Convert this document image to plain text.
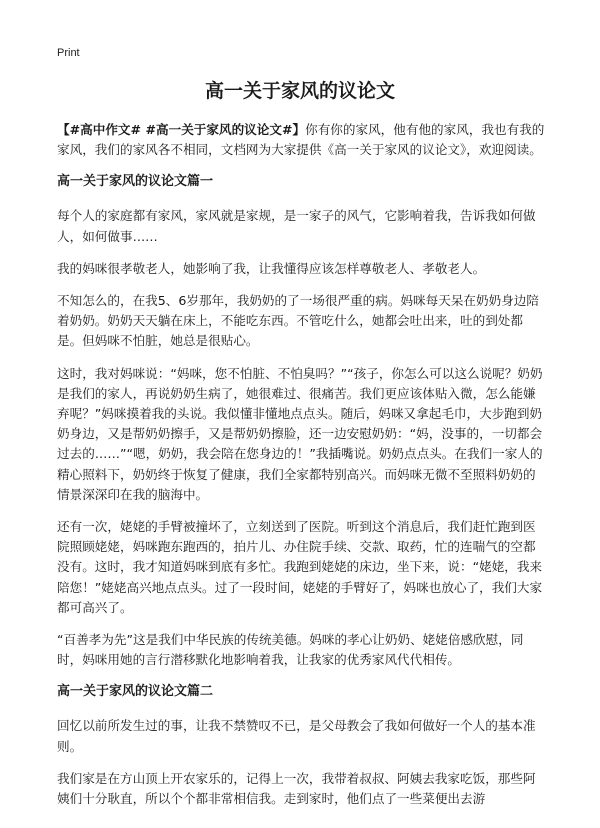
Print
高一关于家风的议论文

【#高中作文# #高一关于家风的议论文#】你有你的家风，他有他的家风，我也有我的家风，我们的家风各不相同，文档网为大家提供《高一关于家风的议论文》，欢迎阅读。

高一关于家风的议论文篇一

每个人的家庭都有家风，家风就是家规，是一家子的风气，它影响着我，告诉我如何做人，如何做事……

我的妈咪很孝敬老人，她影响了我，让我懂得应该怎样尊敬老人、孝敬老人。

不知怎么的，在我5、6岁那年，我奶奶的了一场很严重的病。妈咪每天呆在奶奶身边陪着奶奶。奶奶天天躺在床上，不能吃东西。不管吃什么，她都会吐出来，吐的到处都是。但妈咪不怕脏，她总是很贴心。

这时，我对妈咪说：“妈咪，您不怕脏、不怕臭吗？”“孩子，你怎么可以这么说呢？奶奶是我们的家人，再说奶奶生病了，她很难过、很痛苦。我们更应该体贴入微，怎么能嫌弃呢？”妈咪摸着我的头说。我似懂非懂地点点头。随后，妈咪又拿起毛巾，大步跑到奶奶身边，又是帮奶奶擦手，又是帮奶奶擦脸，还一边安慰奶奶：“妈，没事的，一切都会过去的……”“嗯，奶奶，我会陪在您身边的！”我插嘴说。奶奶点点头。在我们一家人的精心照料下，奶奶终于恢复了健康，我们全家都特别高兴。而妈咪无微不至照料奶奶的情景深深印在我的脑海中。

还有一次，姥姥的手臂被撞坏了，立刻送到了医院。听到这个消息后，我们赶忙跑到医院照顾姥姥，妈咪跑东跑西的，拍片儿、办住院手续、交款、取药，忙的连喘气的空都没有。这时，我才知道妈咪到底有多忙。我跑到姥姥的床边，坐下来，说：“姥姥，我来陪您！”姥姥高兴地点点头。过了一段时间，姥姥的手臂好了，妈咪也放心了，我们大家都可高兴了。

“百善孝为先”这是我们中华民族的传统美德。妈咪的孝心让奶奶、姥姥倍感欣慰，同时，妈咪用她的言行潜移默化地影响着我，让我家的优秀家风代代相传。

高一关于家风的议论文篇二

回忆以前所发生过的事，让我不禁赞叹不已，是父母教会了我如何做好一个人的基本准则。

我们家是在方山顶上开农家乐的，记得上一次，我带着叔叔、阿姨去我家吃饭，那些阿姨们十分耿直，所以个个都非常相信我。走到家时，他们点了一些菜便出去游
